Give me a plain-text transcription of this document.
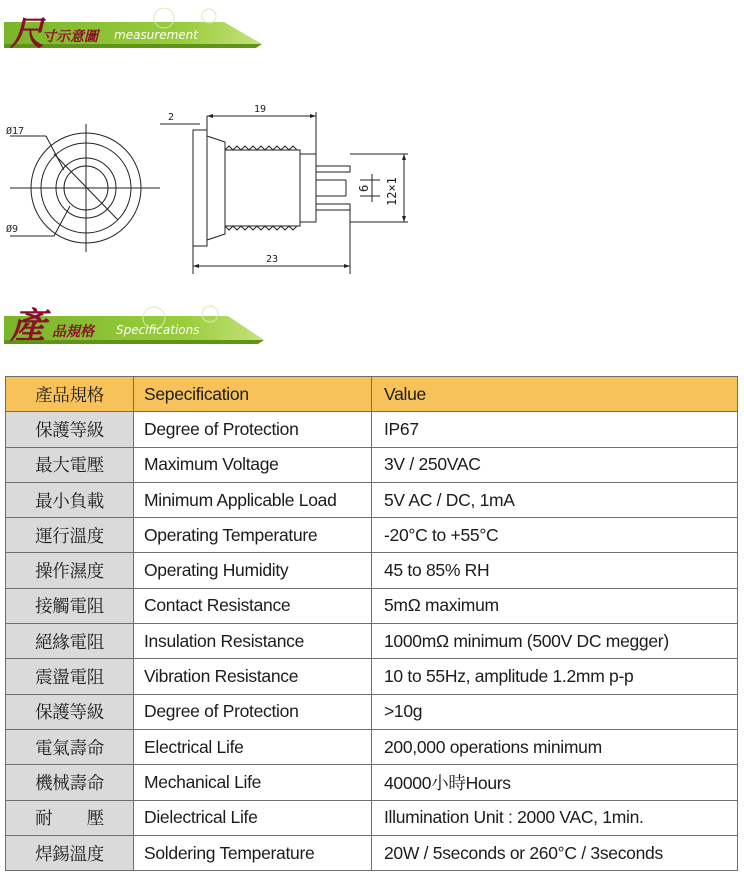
尺
寸示意圖 measurement
Ø17
Ø9
2
19
23
6 12×1
產 品規格 Specifications
產品規格	Sepecification	Value
保護等級	Degree of Protection	IP67
最大電壓	Maximum Voltage	3V / 250VAC
最小負載	Minimum Applicable Load	5V AC / DC, 1mA
運行溫度	Operating Temperature	-20°C to +55°C
操作濕度	Operating Humidity	45 to 85% RH
接觸電阻	Contact Resistance	5mΩ maximum
絕緣電阻	Insulation Resistance	1000mΩ minimum (500V DC megger)
震盪電阻	Vibration Resistance	10 to 55Hz, amplitude 1.2mm p-p
保護等級	Degree of Protection	>10g
電氣壽命	Electrical Life	200,000 operations minimum
機械壽命	Mechanical Life	40000小時Hours
耐　　壓	Dielectrical Life	Illumination Unit : 2000 VAC, 1min.
焊錫溫度	Soldering Temperature	20W / 5seconds or 260°C / 3seconds
